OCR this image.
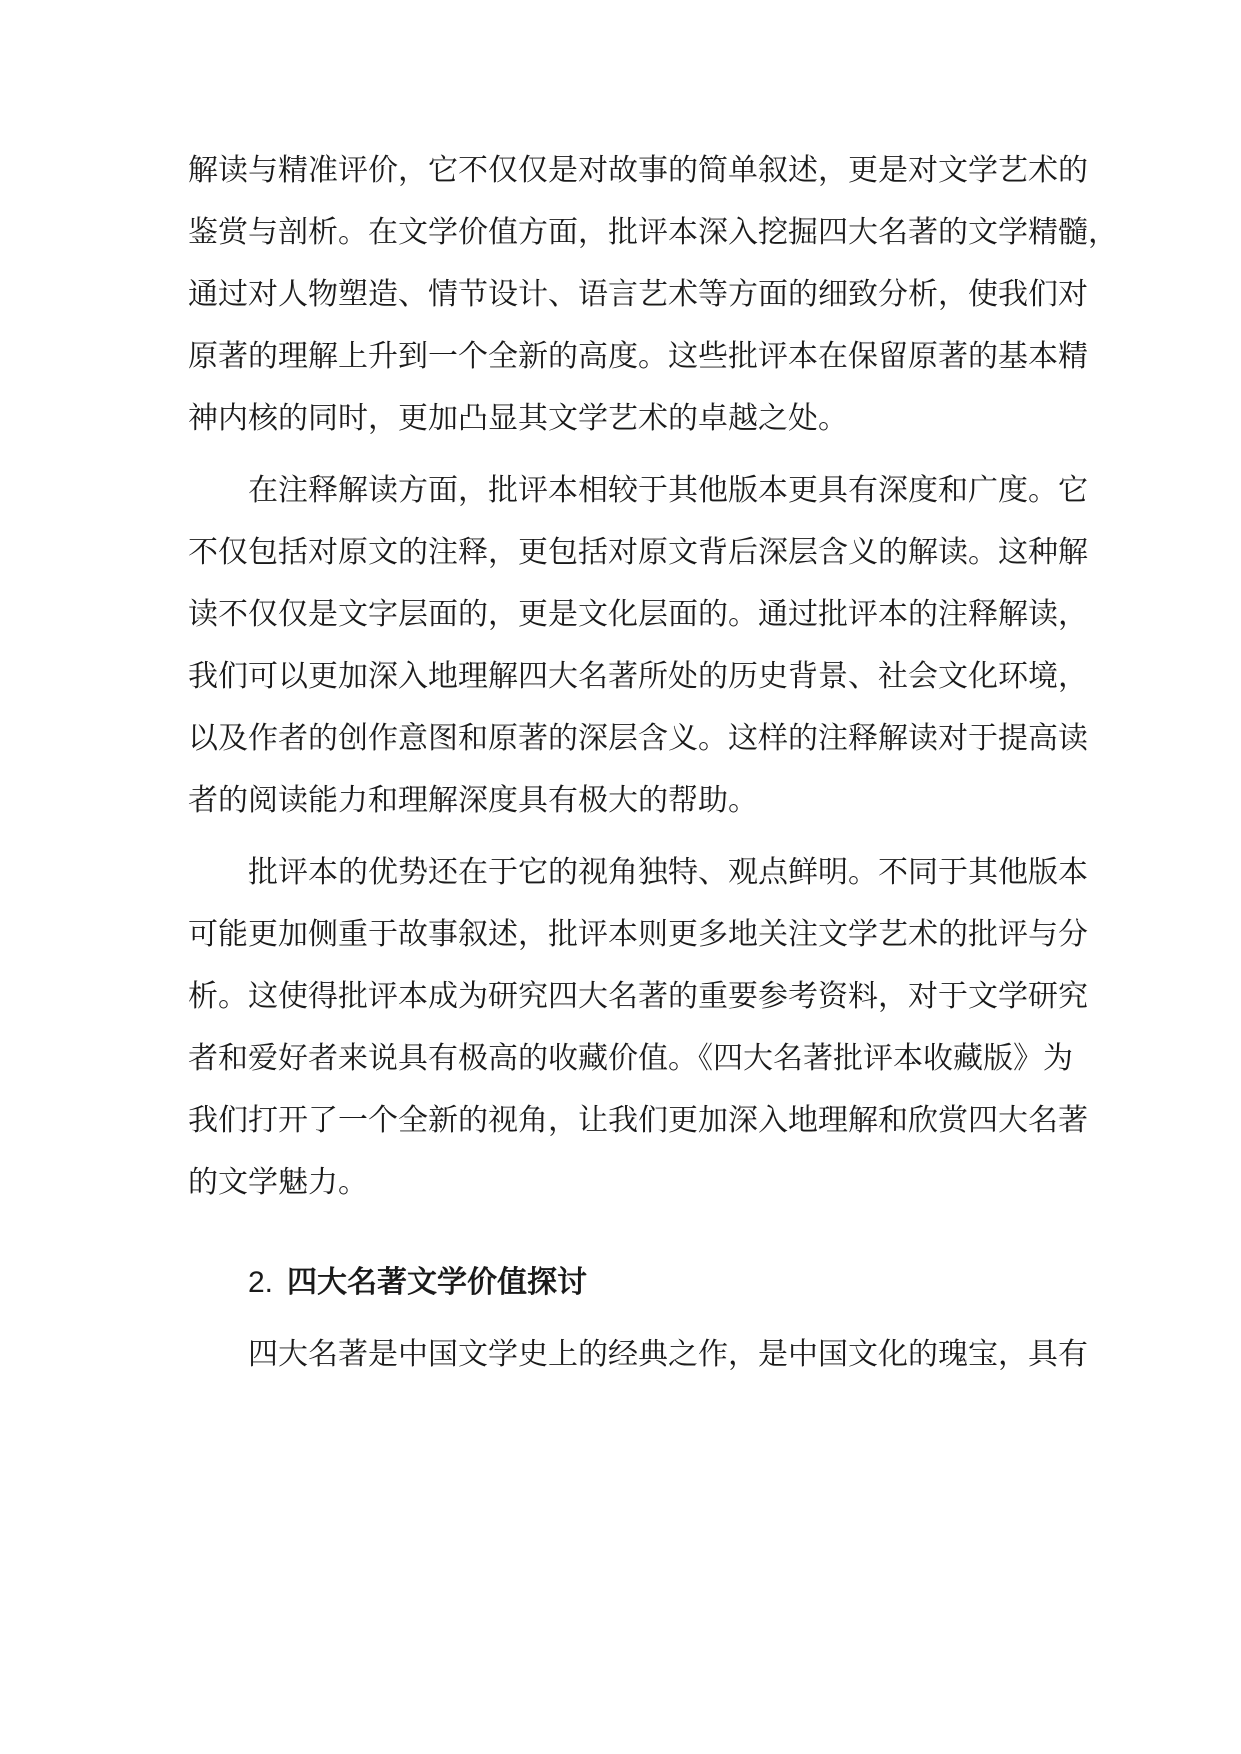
解读与精准评价，它不仅仅是对故事的简单叙述，更是对文学艺术的
鉴赏与剖析。在文学价值方面，批评本深入挖掘四大名著的文学精髓，
通过对人物塑造、情节设计、语言艺术等方面的细致分析，使我们对
原著的理解上升到一个全新的高度。这些批评本在保留原著的基本精
神内核的同时，更加凸显其文学艺术的卓越之处。
在注释解读方面，批评本相较于其他版本更具有深度和广度。它
不仅包括对原文的注释，更包括对原文背后深层含义的解读。这种解
读不仅仅是文字层面的，更是文化层面的。通过批评本的注释解读，
我们可以更加深入地理解四大名著所处的历史背景、社会文化环境，
以及作者的创作意图和原著的深层含义。这样的注释解读对于提高读
者的阅读能力和理解深度具有极大的帮助。
批评本的优势还在于它的视角独特、观点鲜明。不同于其他版本
可能更加侧重于故事叙述，批评本则更多地关注文学艺术的批评与分
析。这使得批评本成为研究四大名著的重要参考资料，对于文学研究
者和爱好者来说具有极高的收藏价值。《四大名著批评本收藏版》为
我们打开了一个全新的视角，让我们更加深入地理解和欣赏四大名著
的文学魅力。
2. 四大名著文学价值探讨
四大名著是中国文学史上的经典之作，是中国文化的瑰宝，具有
